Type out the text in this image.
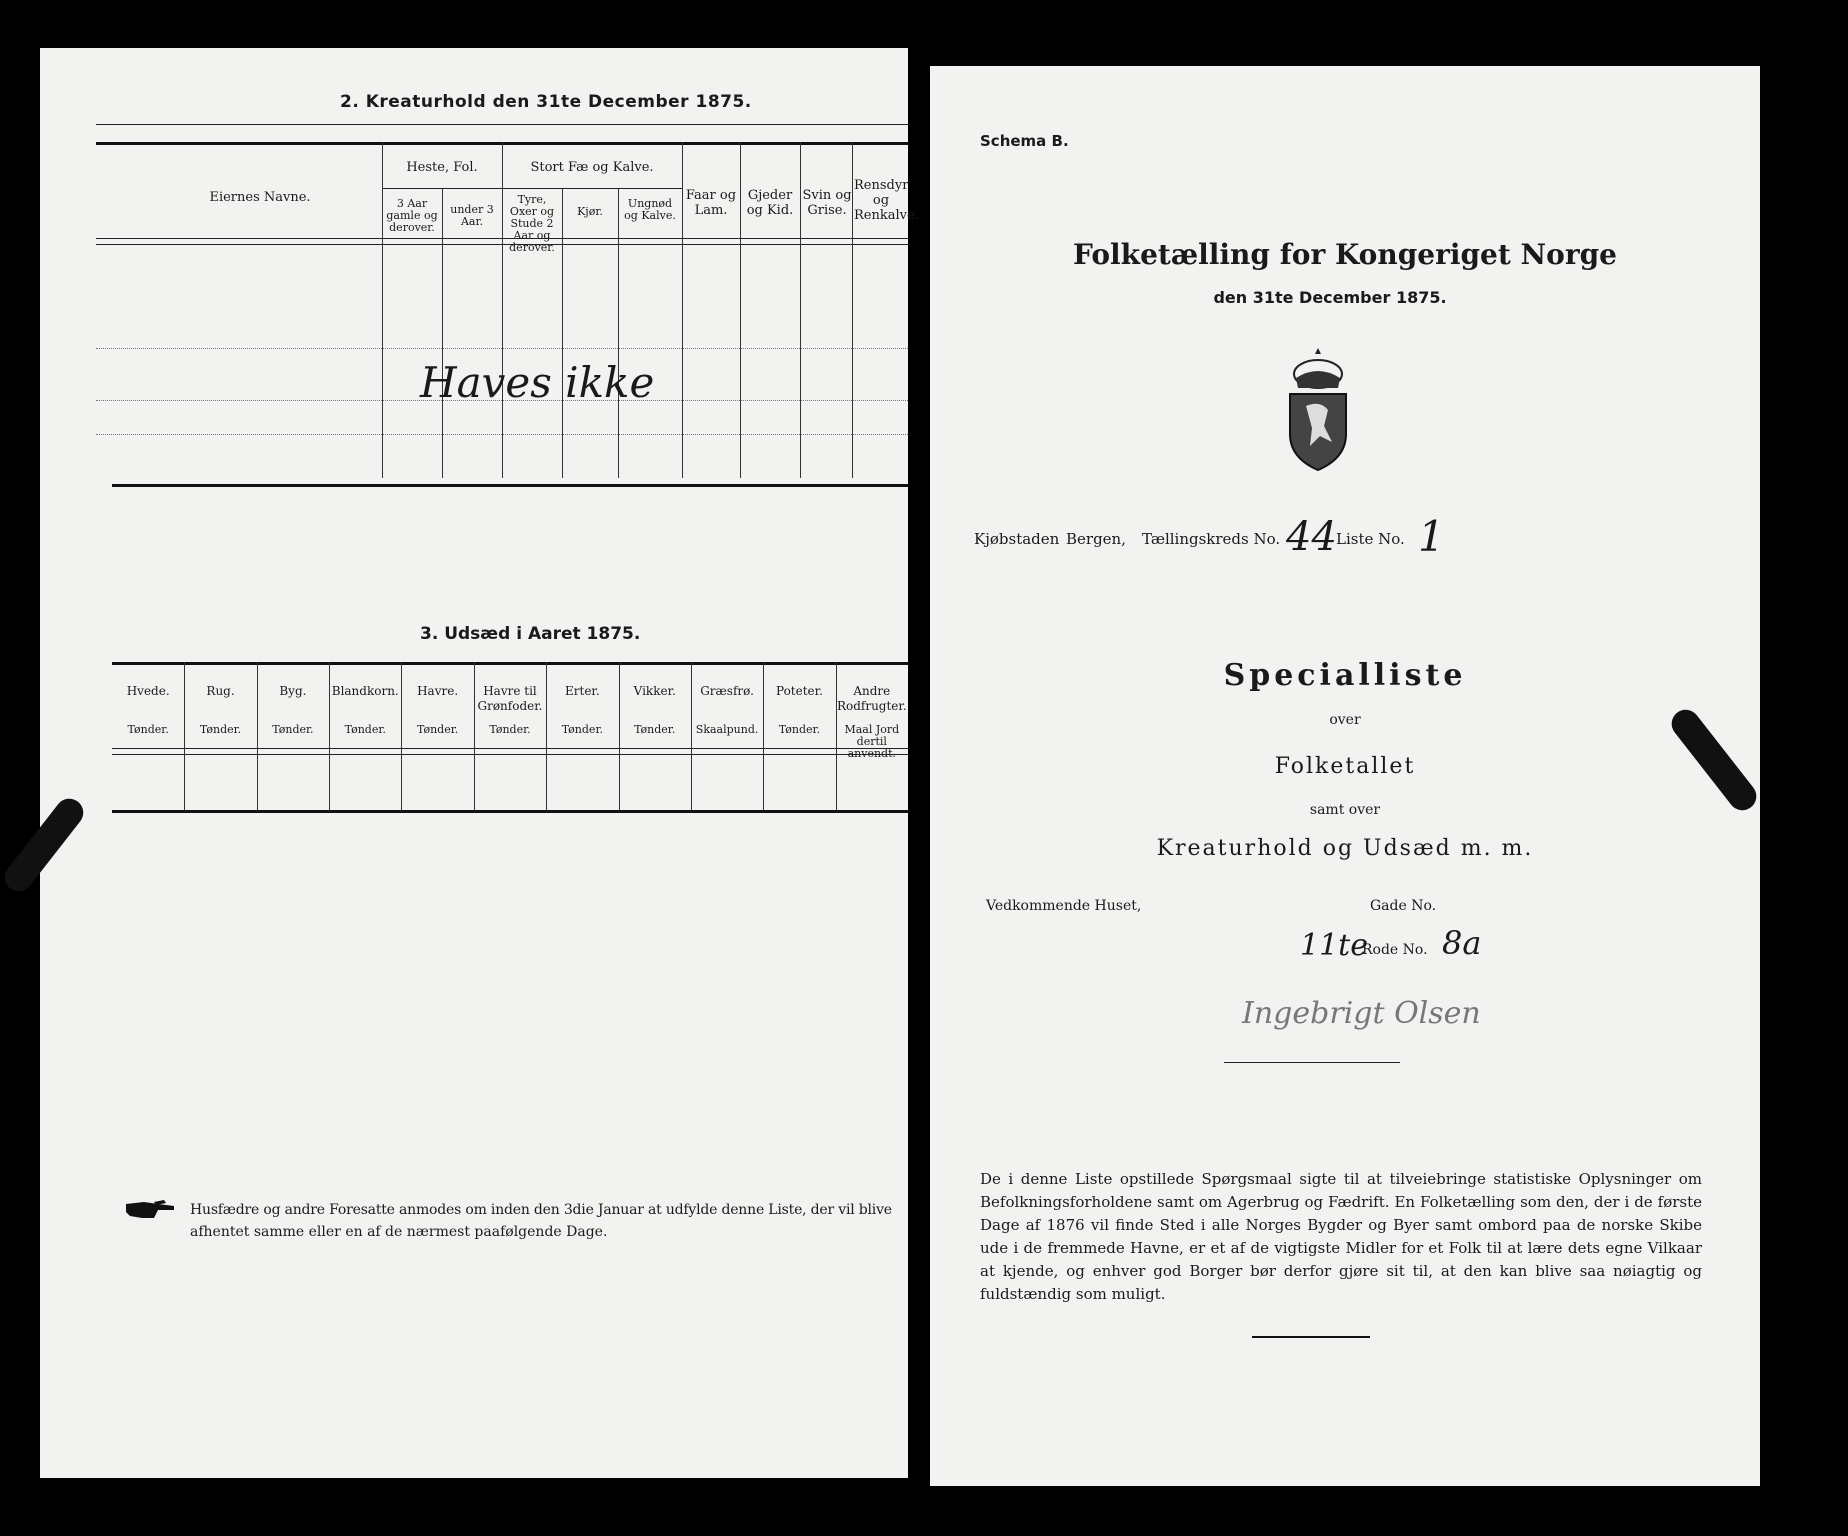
2. Kreaturhold den 31te December 1875.
Eiernes Navne.
Heste, Fol.
3 Aar gamle og derover.
under 3 Aar.
Stort Fæ og Kalve.
Tyre, Oxer og Stude 2 Aar og derover.
Kjør.
Ungnød og Kalve.
Faar og Lam.
Gjeder og Kid.
Svin og Grise.
Rensdyr og Renkalve.
Haves ikke
3. Udsæd i Aaret 1875.
Hvede.
Tønder.
Rug.
Tønder.
Byg.
Tønder.
Blandkorn.
Tønder.
Havre.
Tønder.
Havre til Grønfoder.
Tønder.
Erter.
Tønder.
Vikker.
Tønder.
Græsfrø.
Skaalpund.
Poteter.
Tønder.
Andre Rodfrugter.
Maal Jord dertil anvendt.
Husfædre og andre Foresatte anmodes om inden den 3die Januar at udfylde denne Liste, der vil blive
afhentet samme eller en af de nærmest paafølgende Dage.
Schema B.
Folketælling for Kongeriget Norge
den 31te December 1875.
Kjøbstaden Bergen, Tællingskreds No. 44 Liste No. 1
Specialliste
over
Folketallet
samt over
Kreaturhold og Udsæd m. m.
Vedkommende Huset,	Gade No.
11te
Rode No. 8a
Ingebrigt Olsen
De i denne Liste opstillede Spørgsmaal sigte til at tilveiebringe statistiske Oplysninger om Befolkningsforholdene samt om Agerbrug og Fædrift. En Folketælling som den, der i de første Dage af 1876 vil finde Sted i alle Norges Bygder og Byer samt ombord paa de norske Skibe ude i de fremmede Havne, er et af de vigtigste Midler for et Folk til at lære dets egne Vilkaar at kjende, og enhver god Borger bør derfor gjøre sit til, at den kan blive saa nøiagtig og fuldstændig som muligt.
